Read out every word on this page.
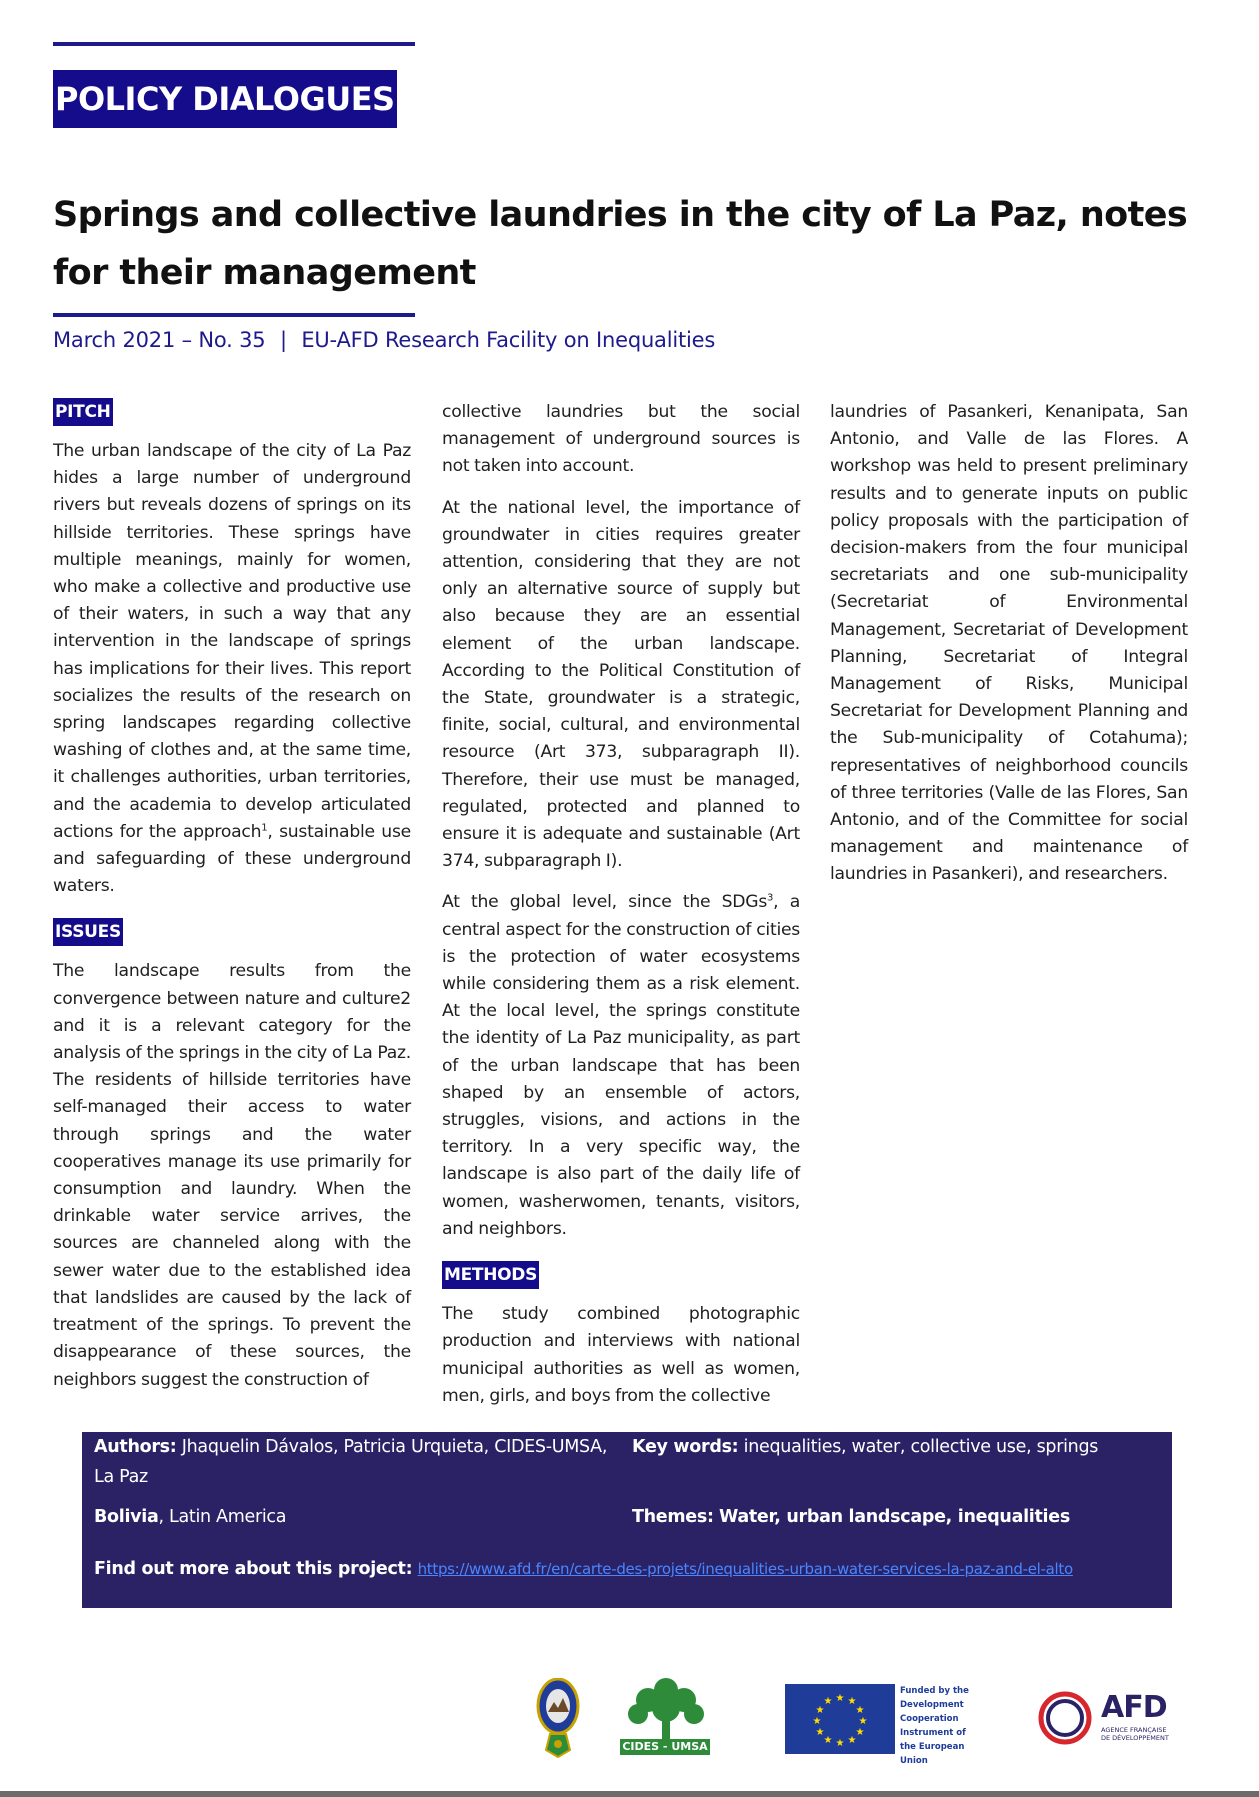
POLICY DIALOGUES
Springs and collective laundries in the city of La Paz, notes
for their management
March 2021 – No. 35 | EU-AFD Research Facility on Inequalities
PITCH

The urban landscape of the city of La Paz hides a large number of underground rivers but reveals dozens of springs on its hillside territories. These springs have multiple meanings, mainly for women, who make a collective and productive use of their waters, in such a way that any intervention in the landscape of springs has implications for their lives. This report socializes the results of the research on spring landscapes regarding collective washing of clothes and, at the same time, it challenges authorities, urban territories, and the academia to develop articulated actions for the approach$^1$, sustainable use and safeguarding of these underground waters.

ISSUES

The landscape results from the convergence between nature and culture2 and it is a relevant category for the analysis of the springs in the city of La Paz. The residents of hillside territories have self-managed their access to water through springs and the water cooperatives manage its use primarily for consumption and laundry. When the drinkable water service arrives, the sources are channeled along with the sewer water due to the established idea that landslides are caused by the lack of treatment of the springs. To prevent the disappearance of these sources, the neighbors suggest the construction of

collective laundries but the social management of underground sources is not taken into account.

At the national level, the importance of groundwater in cities requires greater attention, considering that they are not only an alternative source of supply but also because they are an essential element of the urban landscape. According to the Political Constitution of the State, groundwater is a strategic, finite, social, cultural, and environmental resource (Art 373, subparagraph II). Therefore, their use must be managed, regulated, protected and planned to ensure it is adequate and sustainable (Art 374, subparagraph I).

At the global level, since the SDGs$^3$, a central aspect for the construction of cities is the protection of water ecosystems while considering them as a risk element. At the local level, the springs constitute the identity of La Paz municipality, as part of the urban landscape that has been shaped by an ensemble of actors, struggles, visions, and actions in the territory. In a very specific way, the landscape is also part of the daily life of women, washerwomen, tenants, visitors, and neighbors.

METHODS

The study combined photographic production and interviews with national municipal authorities as well as women, men, girls, and boys from the collective

Authors: Jhaquelin Dávalos, Patricia Urquieta, CIDES-UMSA, La Paz
Key words: inequalities, water, collective use, springs
Bolivia, Latin America	Themes: Water, urban landscape, inequalities
Find out more about this project: https://www.afd.fr/en/carte-des-projets/inequalities-urban-water-services-la-paz-and-el-alto
CIDES - UMSA
★ ★
★
★
★
★
★
★
★
★
★
★
Funded by the Development Cooperation Instrument of the European Union
AFD
AGENCE FRANÇAISE
DE DÉVELOPPEMENT

laundries of Pasankeri, Kenanipata, San Antonio, and Valle de las Flores. A workshop was held to present preliminary results and to generate inputs on public policy proposals with the participation of decision-makers from the four municipal secretariats and one sub-municipality (Secretariat of Environmental Management, Secretariat of Development Planning, Secretariat of Integral Management of Risks, Municipal Secretariat for Development Planning and the Sub-municipality of Cotahuma); representatives of neighborhood councils of three territories (Valle de las Flores, San Antonio, and of the Committee for social management and maintenance of laundries in Pasankeri), and researchers.
